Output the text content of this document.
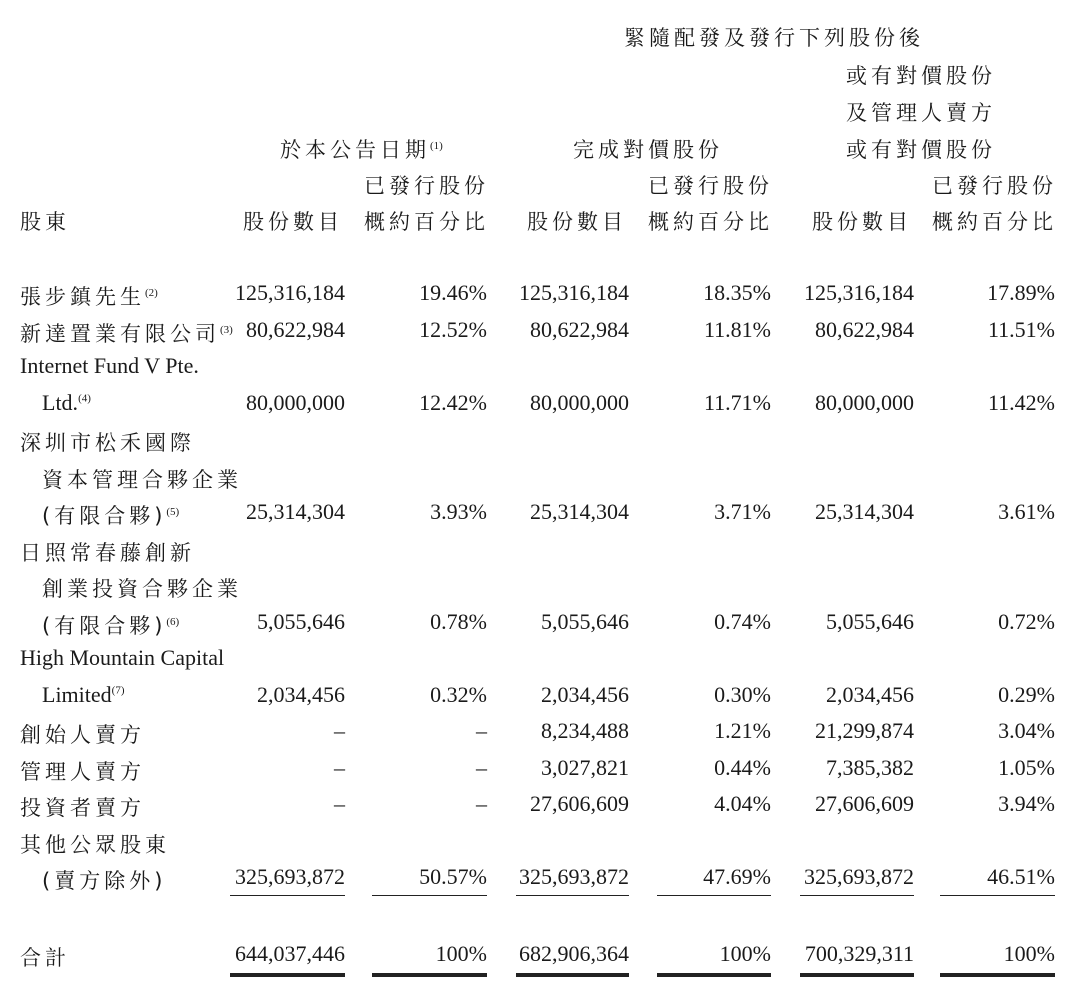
緊隨配發及發行下列股份後
或有對價股份
及管理人賣方
或有對價股份
於本公告日期$^{(1)}$	完成對價股份
已發行股份	已發行股份	已發行股份
股東	股份數目	股份數目	股份數目
概約百分比	概約百分比	概約百分比
張步鎮先生$^{(2)}$	125,316,184	19.46% 125,316,184	18.35% 125,316,184	17.89%
新達置業有限公司$^{(3)}$ 80,622,984	12.52% 80,622,984	11.81% 80,622,984	11.51%
Internet Fund V Pte.
Ltd.$^{(4)}$	80,000,000	12.42% 80,000,000	11.71% 80,000,000	11.42%
深圳市松禾國際
資本管理合夥企業
(有限合夥)$^{(5)}$	25,314,304	3.93% 25,314,304	3.71% 25,314,304	3.61%
日照常春藤創新
創業投資合夥企業
(有限合夥)$^{(6)}$	5,055,646	0.78% 5,055,646	0.74%	5,055,646	0.72%
High Mountain Capital
Limited$^{(7)}$	2,034,456	0.32% 2,034,456	0.30%	2,034,456	0.29%
創始人賣方	–	– 8,234,488	1.21% 21,299,874	3.04%
管理人賣方	–	– 3,027,821	0.44%	7,385,382	1.05%
投資者賣方	–	– 27,606,609	4.04% 27,606,609	3.94%
其他公眾股東
(賣方除外)	325,693,872	50.57% 325,693,872	47.69% 325,693,872	46.51%
合計	644,037,446	100% 682,906,364	100% 700,329,311	100%
